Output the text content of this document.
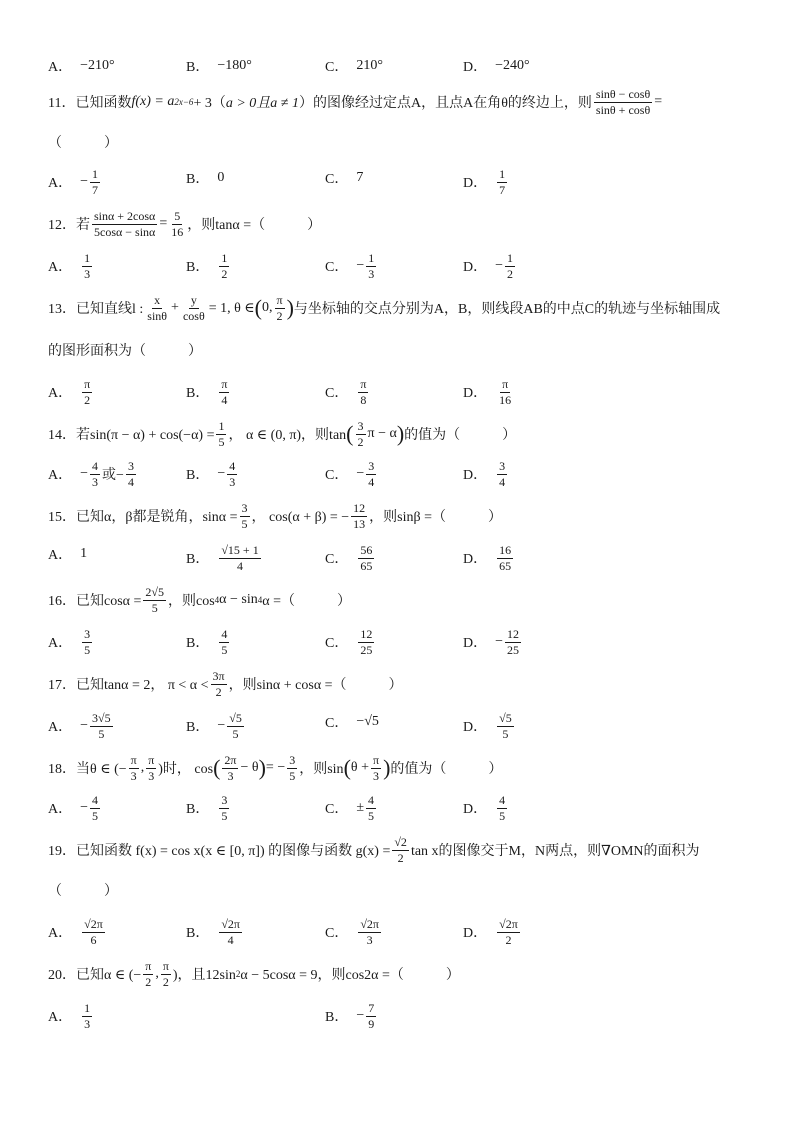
A． −210°	B． −180°	C． 210°	D． −240°
11． 已知函数 f(x) = a 2x−6 + 3（ a > 0且a ≠ 1 ）的图像经过定点A，且点A在角θ的终边上，则 $\frac{\sin\theta - \cos\theta}{\sin\theta + \cos\theta}$ =
（　　　）
A． − $\frac{1}{7}$	B． 0	C． 7	D． $\frac{1}{7}$
12． 若 $\frac{\sin\alpha + 2\cos\alpha}{5\cos\alpha - \sin\alpha} = \frac{5}{16}$ ，则tanα =（　　　）
A． $\frac{1}{3}$	B． $\frac{1}{2}$	C． − $\frac{1}{3}$	D． − $\frac{1}{2}$
13． 已知直线l : $\frac{x}{\sin\theta} + \frac{y}{\cos\theta} = 1$, θ ∈ ( 0, $\frac{\pi}{2}$ ) 与坐标轴的交点分别为A，B，则线段AB的中点C的轨迹与坐标轴围成
的图形面积为（　　　）
A． $\frac{\pi}{2}$	B． $\frac{\pi}{4}$	C． $\frac{\pi}{8}$	D． $\frac{\pi}{16}$
14． 若$\sin(\pi - \alpha) + \cos(-\alpha) = \frac{1}{5}$ ， α ∈ (0, π)，则tan ( $\frac{3}{2}$ π − α ) 的值为（　　　）
A． − $\frac{4}{3}$ 或− $\frac{3}{4}$	B． − $\frac{4}{3}$	C． − $\frac{3}{4}$	D． $\frac{3}{4}$
15． 已知α，β都是锐角，$\sin\alpha = \frac{3}{5}$ ， cos(α + β) = − $\frac{12}{13}$ ，则sinβ =（　　　）
A． 1	B． $\frac{√15 + 1}{4}$	C． $\frac{56}{65}$	D． $\frac{16}{65}$
16． 已知$\cos\alpha = \frac{2√5}{5}$ ，则cos 4 α − sin 4 α =（　　　）
A． $\frac{3}{5}$	B． $\frac{4}{5}$	C． $\frac{12}{25}$	D． − $\frac{12}{25}$
17． 已知tanα = 2， $\pi < \alpha < \frac{3\pi}{2}$ ，则sinα + cosα =（　　　）
A． − $\frac{3√5}{5}$	B． − $\frac{√5}{5}$	C． −√5	D． $\frac{√5}{5}$
18． 当θ ∈ (− $\frac{\pi}{3}$ , $\frac{\pi}{3}$ )时， cos ( $\frac{2\pi}{3} - \theta$ ) = − $\frac{3}{5}$ ，则sin ( $\theta + \frac{\pi}{3}$ ) 的值为（　　　）
A． − $\frac{4}{5}$	B． $\frac{3}{5}$	C． ± $\frac{4}{5}$	D． $\frac{4}{5}$
19． 已知函数 f(x) = cos x(x ∈ [0, π]) 的图像与函数 $g(x) = \frac{√2}{2}$ tan x的图像交于M，N两点，则∇OMN的面积为
（　　　）
A． $\frac{√2\pi}{6}$	B． $\frac{√2\pi}{4}$	C． $\frac{√2\pi}{3}$	D． $\frac{√2\pi}{2}$
20． 已知α ∈ (− $\frac{\pi}{2}$ , $\frac{\pi}{2}$ )，且12sin 2 α − 5cosα = 9，则cos2α =（　　　）
A． $\frac{1}{3}$	B． − $\frac{7}{9}$
